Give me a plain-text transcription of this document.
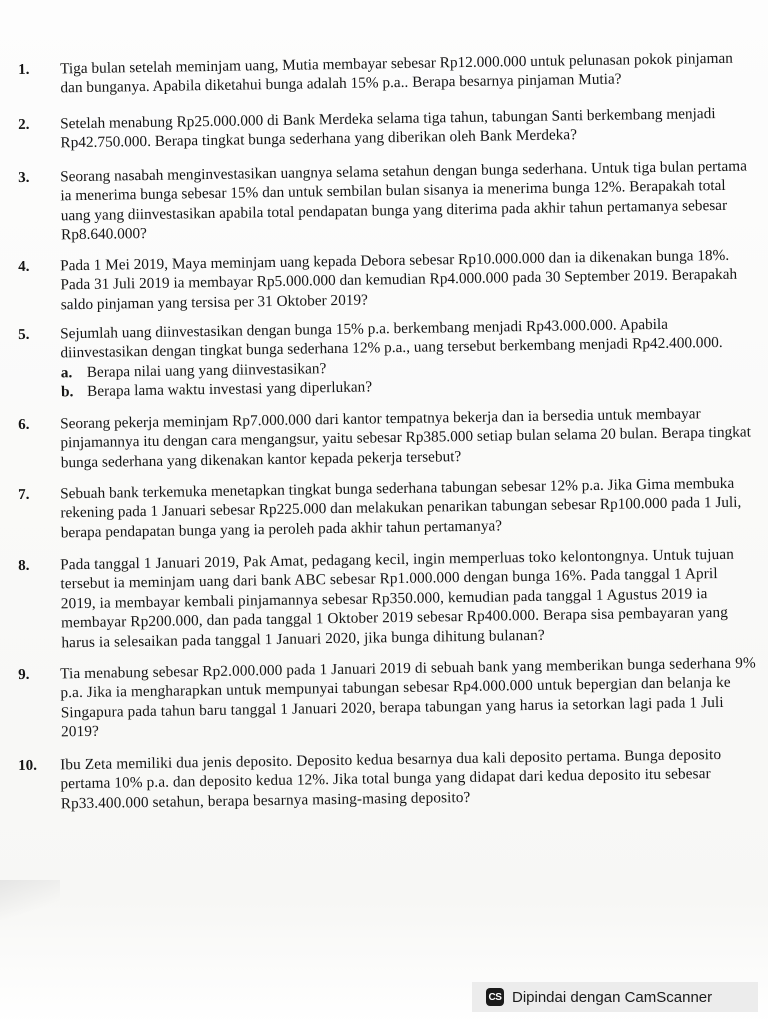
1.	Tiga bulan setelah meminjam uang, Mutia membayar sebesar Rp12.000.000 untuk pelunasan pokok pinjaman dan bunganya. Apabila diketahui bunga adalah 15% p.a.. Berapa besarnya pinjaman Mutia?
2.	Setelah menabung Rp25.000.000 di Bank Merdeka selama tiga tahun, tabungan Santi berkembang menjadi Rp42.750.000. Berapa tingkat bunga sederhana yang diberikan oleh Bank Merdeka?
3.	Seorang nasabah menginvestasikan uangnya selama setahun dengan bunga sederhana. Untuk tiga bulan pertama ia menerima bunga sebesar 15% dan untuk sembilan bulan sisanya ia menerima bunga 12%. Berapakah total uang yang diinvestasikan apabila total pendapatan bunga yang diterima pada akhir tahun pertamanya sebesar Rp8.640.000?
4.	Pada 1 Mei 2019, Maya meminjam uang kepada Debora sebesar Rp10.000.000 dan ia dikenakan bunga 18%. Pada 31 Juli 2019 ia membayar Rp5.000.000 dan kemudian Rp4.000.000 pada 30 September 2019. Berapakah saldo pinjaman yang tersisa per 31 Oktober 2019?
5.	Sejumlah uang diinvestasikan dengan bunga 15% p.a. berkembang menjadi Rp43.000.000. Apabila diinvestasikan dengan tingkat bunga sederhana 12% p.a., uang tersebut berkembang menjadi Rp42.400.000.
a. Berapa nilai uang yang diinvestasikan?
b. Berapa lama waktu investasi yang diperlukan?
6.	Seorang pekerja meminjam Rp7.000.000 dari kantor tempatnya bekerja dan ia bersedia untuk membayar pinjamannya itu dengan cara mengangsur, yaitu sebesar Rp385.000 setiap bulan selama 20 bulan. Berapa tingkat bunga sederhana yang dikenakan kantor kepada pekerja tersebut?
7.	Sebuah bank terkemuka menetapkan tingkat bunga sederhana tabungan sebesar 12% p.a. Jika Gima membuka rekening pada 1 Januari sebesar Rp225.000 dan melakukan penarikan tabungan sebesar Rp100.000 pada 1 Juli, berapa pendapatan bunga yang ia peroleh pada akhir tahun pertamanya?
8.	Pada tanggal 1 Januari 2019, Pak Amat, pedagang kecil, ingin memperluas toko kelontongnya. Untuk tujuan tersebut ia meminjam uang dari bank ABC sebesar Rp1.000.000 dengan bunga 16%. Pada tanggal 1 April 2019, ia membayar kembali pinjamannya sebesar Rp350.000, kemudian pada tanggal 1 Agustus 2019 ia membayar Rp200.000, dan pada tanggal 1 Oktober 2019 sebesar Rp400.000. Berapa sisa pembayaran yang harus ia selesaikan pada tanggal 1 Januari 2020, jika bunga dihitung bulanan?
9.	Tia menabung sebesar Rp2.000.000 pada 1 Januari 2019 di sebuah bank yang memberikan bunga sederhana 9% p.a. Jika ia mengharapkan untuk mempunyai tabungan sebesar Rp4.000.000 untuk bepergian dan belanja ke Singapura pada tahun baru tanggal 1 Januari 2020, berapa tabungan yang harus ia setorkan lagi pada 1 Juli 2019?
10.	Ibu Zeta memiliki dua jenis deposito. Deposito kedua besarnya dua kali deposito pertama. Bunga deposito pertama 10% p.a. dan deposito kedua 12%. Jika total bunga yang didapat dari kedua deposito itu sebesar Rp33.400.000 setahun, berapa besarnya masing-masing deposito?
CS Dipindai dengan CamScanner
